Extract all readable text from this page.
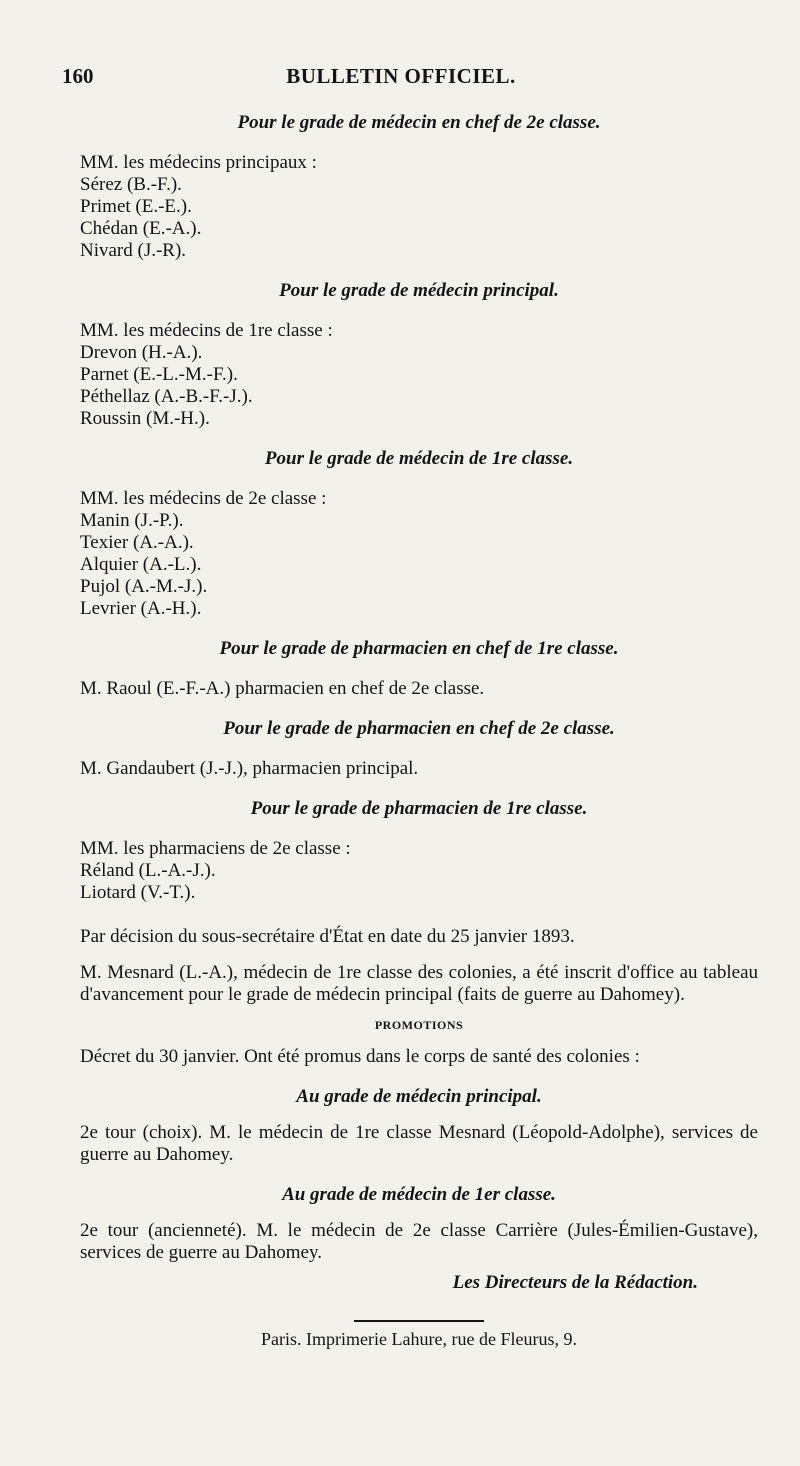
160	BULLETIN OFFICIEL.

Pour le grade de médecin en chef de 2e classe.

MM. les médecins principaux :

Sérez (B.-F.).
Primet (E.-E.).
Chédan (E.-A.).
Nivard (J.-R).

Pour le grade de médecin principal.

MM. les médecins de 1re classe :

Drevon (H.-A.).
Parnet (E.-L.-M.-F.).
Péthellaz (A.-B.-F.-J.).
Roussin (M.-H.).

Pour le grade de médecin de 1re classe.

MM. les médecins de 2e classe :

Manin (J.-P.).
Texier (A.-A.).
Alquier (A.-L.).
Pujol (A.-M.-J.).
Levrier (A.-H.).

Pour le grade de pharmacien en chef de 1re classe.

M. Raoul (E.-F.-A.) pharmacien en chef de 2e classe.

Pour le grade de pharmacien en chef de 2e classe.

M. Gandaubert (J.-J.), pharmacien principal.

Pour le grade de pharmacien de 1re classe.

MM. les pharmaciens de 2e classe :

Réland (L.-A.-J.).
Liotard (V.-T.).

Par décision du sous-secrétaire d'État en date du 25 janvier 1893.

M. Mesnard (L.-A.), médecin de 1re classe des colonies, a été inscrit d'office au tableau d'avancement pour le grade de médecin principal (faits de guerre au Dahomey).

PROMOTIONS

Décret du 30 janvier. Ont été promus dans le corps de santé des colonies :

Au grade de médecin principal.

2e tour (choix). M. le médecin de 1re classe Mesnard (Léopold-Adolphe), services de guerre au Dahomey.

Au grade de médecin de 1er classe.

2e tour (ancienneté). M. le médecin de 2e classe Carrière (Jules-Émilien-Gustave), services de guerre au Dahomey.

Les Directeurs de la Rédaction.

Paris. Imprimerie Lahure, rue de Fleurus, 9.
